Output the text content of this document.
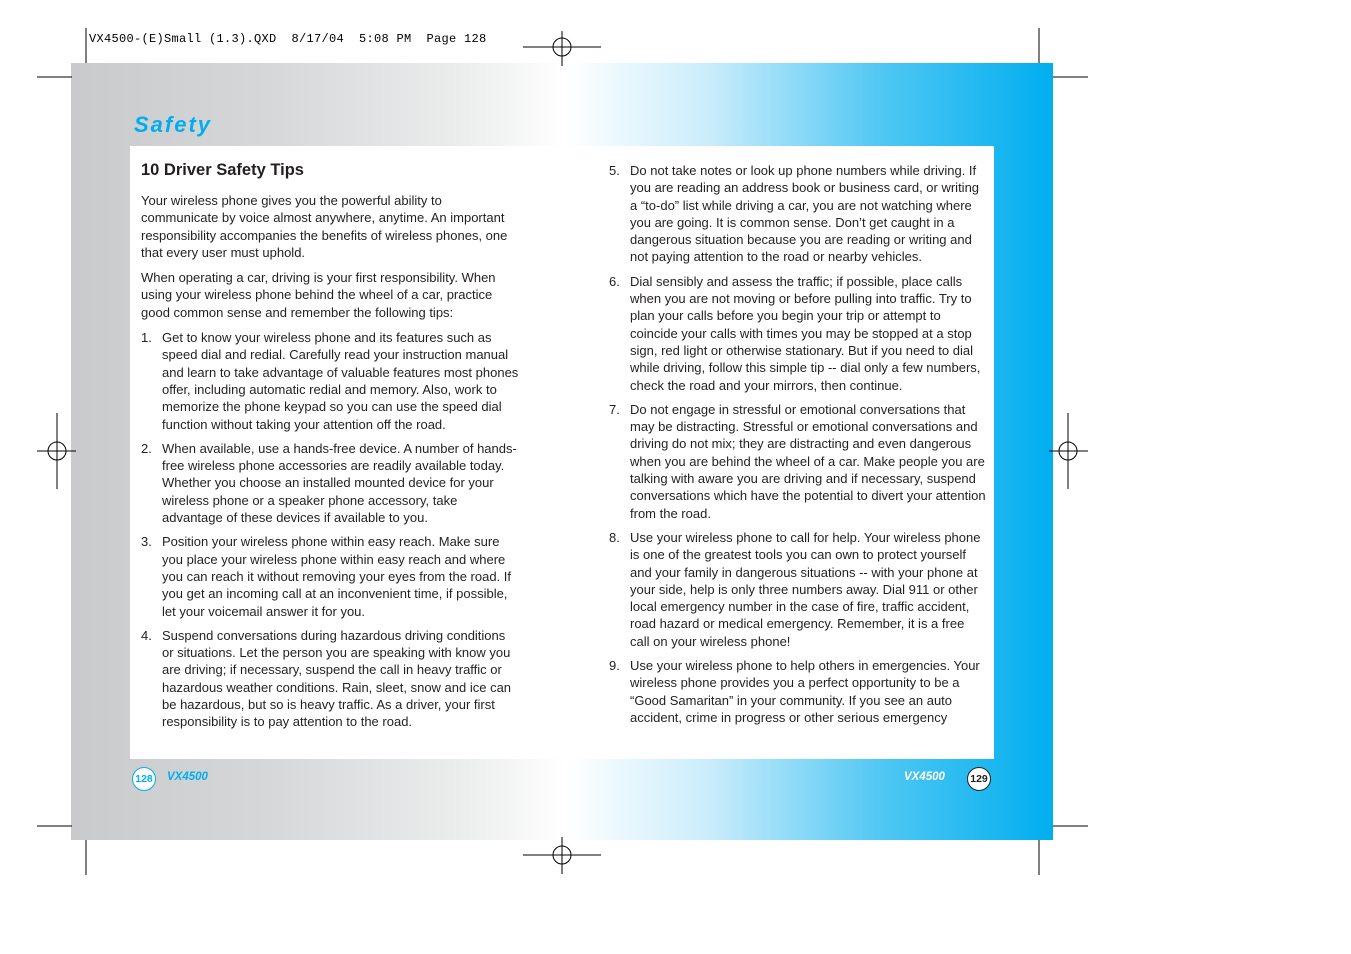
VX4500-(E)Small (1.3).QXD  8/17/04  5:08 PM  Page 128
Safety
10 Driver Safety Tips

Your wireless phone gives you the powerful ability to communicate by voice almost anywhere, anytime. An important responsibility accompanies the benefits of wireless phones, one that every user must uphold.

When operating a car, driving is your first responsibility. When using your wireless phone behind the wheel of a car, practice good common sense and remember the following tips:

1. Get to know your wireless phone and its features such as speed dial and redial. Carefully read your instruction manual and learn to take advantage of valuable features most phones offer, including automatic redial and memory. Also, work to memorize the phone keypad so you can use the speed dial function without taking your attention off the road.
2. When available, use a hands-free device. A number of hands-free wireless phone accessories are readily available today. Whether you choose an installed mounted device for your wireless phone or a speaker phone accessory, take advantage of these devices if available to you.
3. Position your wireless phone within easy reach. Make sure you place your wireless phone within easy reach and where you can reach it without removing your eyes from the road. If you get an incoming call at an inconvenient time, if possible, let your voicemail answer it for you.
4. Suspend conversations during hazardous driving conditions or situations. Let the person you are speaking with know you are driving; if necessary, suspend the call in heavy traffic or hazardous weather conditions. Rain, sleet, snow and ice can be hazardous, but so is heavy traffic. As a driver, your first responsibility is to pay attention to the road.
5. Do not take notes or look up phone numbers while driving. If you are reading an address book or business card, or writing a “to-do” list while driving a car, you are not watching where you are going. It is common sense. Don’t get caught in a dangerous situation because you are reading or writing and not paying attention to the road or nearby vehicles.
6. Dial sensibly and assess the traffic; if possible, place calls when you are not moving or before pulling into traffic. Try to plan your calls before you begin your trip or attempt to coincide your calls with times you may be stopped at a stop sign, red light or otherwise stationary. But if you need to dial while driving, follow this simple tip -- dial only a few numbers, check the road and your mirrors, then continue.
7. Do not engage in stressful or emotional conversations that may be distracting. Stressful or emotional conversations and driving do not mix; they are distracting and even dangerous when you are behind the wheel of a car. Make people you are talking with aware you are driving and if necessary, suspend conversations which have the potential to divert your attention from the road.
8. Use your wireless phone to call for help. Your wireless phone is one of the greatest tools you can own to protect yourself and your family in dangerous situations -- with your phone at your side, help is only three numbers away. Dial 911 or other local emergency number in the case of fire, traffic accident, road hazard or medical emergency. Remember, it is a free call on your wireless phone!
9. Use your wireless phone to help others in emergencies. Your wireless phone provides you a perfect opportunity to be a “Good Samaritan” in your community. If you see an auto accident, crime in progress or other serious emergency
128 VX4500	VX4500	129
